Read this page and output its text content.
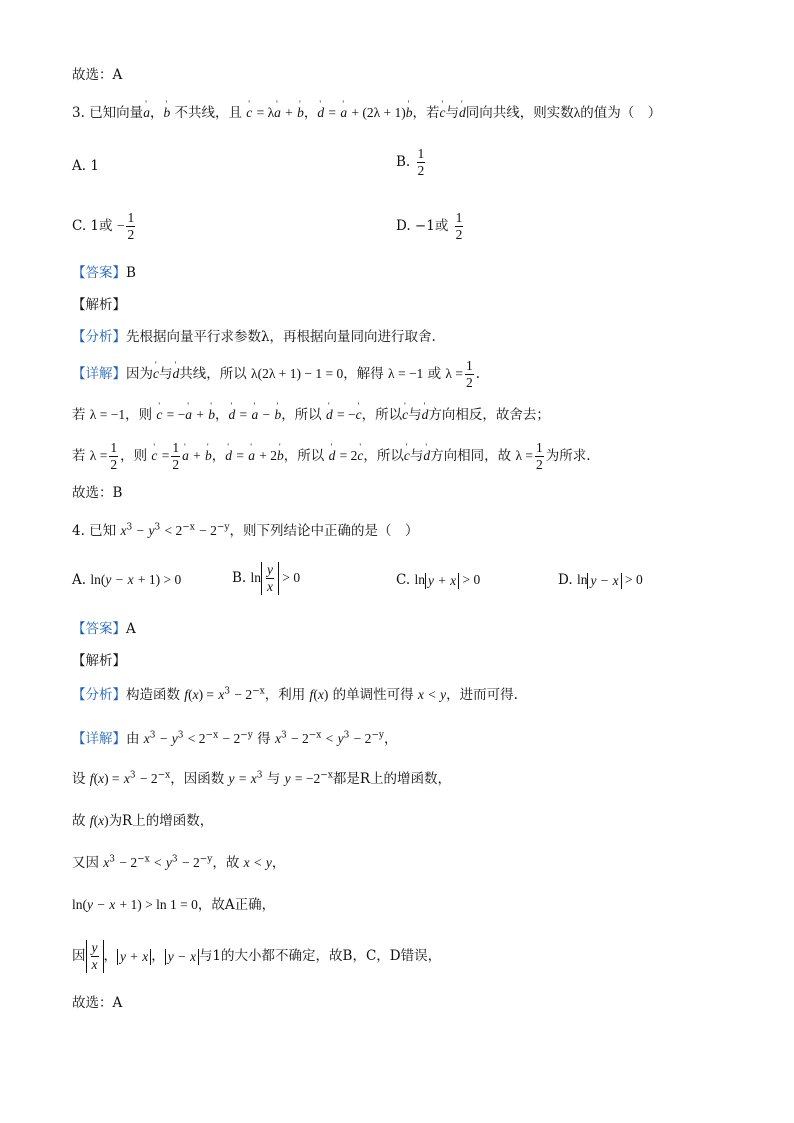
故选：A
3. 已知向量' a，' b 不共线，且 ' c = λ' a + ' b，' d = ' a + (2λ + 1)' b，若' c与' d同向共线，则实数λ的值为（　）
A. 1	B. $\frac{1}{2}$
C. 1或 − $\frac{1}{2}$	D. −1或 $\frac{1}{2}$
【答案】B
【解析】
【分析】先根据向量平行求参数λ，再根据向量同向进行取舍.
【详解】因为' c与' d共线，所以 λ(2λ + 1) − 1 = 0，解得 λ = −1 或 $\lambda = \frac{1}{2}$ .
若 λ = −1，则 ' c = −' a + ' b，' d = ' a − ' b，所以 ' d = −' c，所以' c与' d方向相反，故舍去；
若 $\lambda = \frac{1}{2}$ ，则 ' $c = \frac{1}{2}$ ' a + ' b，' d = ' a + 2' b，所以 ' d = 2' c，所以' c与' d方向相同，故 $\lambda = \frac{1}{2}$ 为所求.
故选：B
4. 已知 $x^3 - y^3 < 2^{-x} - 2^{-y}$，则下列结论中正确的是（　）
A. ln(y − x + 1) > 0	B. $\ln \frac{y}{x} > 0$	C. ln y + x > 0	D. ln y − x > 0
【答案】A
【解析】
【分析】构造函数 $f(x) = x^3 - 2^{-x}$，利用 f(x) 的单调性可得 x < y，进而可得.
【详解】由 $x^3 - y^3 < 2^{-x} - 2^{-y}$ 得 $x^3 - 2^{-x} < y^3 - 2^{-y}$，
设 $f(x) = x^3 - 2^{-x}$，因函数 $y = x^3$ 与 $y = -2^{-x}$都是R上的增函数，
故 f(x)为R上的增函数，
又因 $x^3 - 2^{-x} < y^3 - 2^{-y}$，故 x < y，
ln(y − x + 1) > ln 1 = 0，故A正确，
因 $\frac{y}{x}$ ， y + x ， y − x 与1的大小都不确定，故B，C，D错误，
故选：A
